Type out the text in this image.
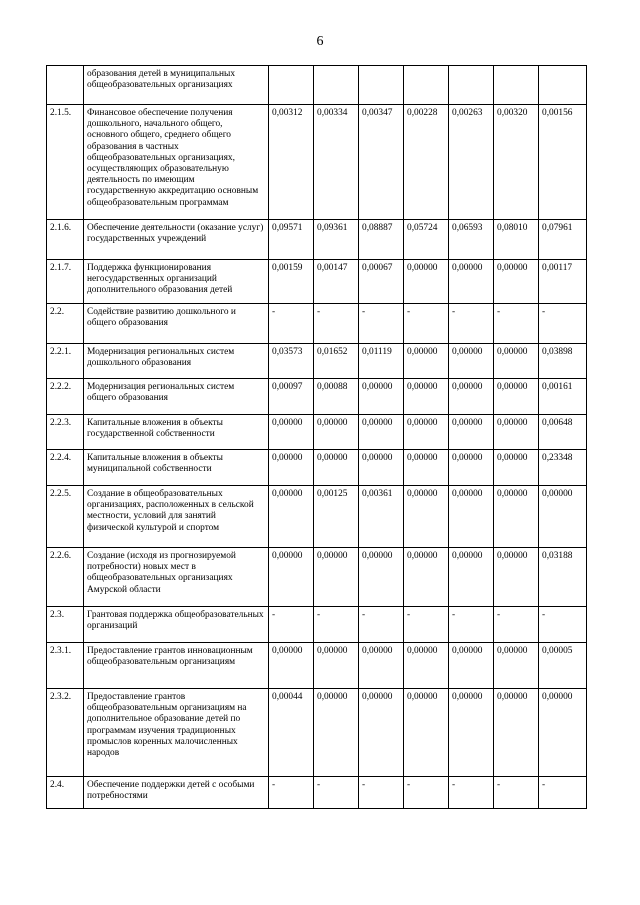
6
	образования детей в муниципальных общеобразовательных организациях							
2.1.5.	Финансовое обеспечение получения дошкольного, начального общего, основного общего, среднего общего образования в частных общеобразовательных организациях, осуществляющих образовательную деятельность по имеющим государственную аккредитацию основным общеобразовательным программам	0,00312	0,00334	0,00347	0,00228	0,00263	0,00320	0,00156
2.1.6.	Обеспечение деятельности (оказание услуг) государственных учреждений	0,09571	0,09361	0,08887	0,05724	0,06593	0,08010	0,07961
2.1.7.	Поддержка функционирования негосударственных организаций дополнительного образования детей	0,00159	0,00147	0,00067	0,00000	0,00000	0,00000	0,00117
2.2.	Содействие развитию дошкольного и общего образования	-	-	-	-	-	-	-
2.2.1.	Модернизация региональных систем дошкольного образования	0,03573	0,01652	0,01119	0,00000	0,00000	0,00000	0,03898
2.2.2.	Модернизация региональных систем общего образования	0,00097	0,00088	0,00000	0,00000	0,00000	0,00000	0,00161
2.2.3.	Капитальные вложения в объекты государственной собственности	0,00000	0,00000	0,00000	0,00000	0,00000	0,00000	0,00648
2.2.4.	Капитальные вложения в объекты муниципальной собственности	0,00000	0,00000	0,00000	0,00000	0,00000	0,00000	0,23348
2.2.5.	Создание в общеобразовательных организациях, расположенных в сельской местности, условий для занятий физической культурой и спортом	0,00000	0,00125	0,00361	0,00000	0,00000	0,00000	0,00000
2.2.6.	Создание (исходя из прогнозируемой потребности) новых мест в общеобразовательных организациях Амурской области	0,00000	0,00000	0,00000	0,00000	0,00000	0,00000	0,03188
2.3.	Грантовая поддержка общеобразовательных организаций	-	-	-	-	-	-	-
2.3.1.	Предоставление грантов инновационным общеобразовательным организациям	0,00000	0,00000	0,00000	0,00000	0,00000	0,00000	0,00005
2.3.2.	Предоставление грантов общеобразовательным организациям на дополнительное образование детей по программам изучения традиционных промыслов коренных малочисленных народов	0,00044	0,00000	0,00000	0,00000	0,00000	0,00000	0,00000
2.4.	Обеспечение поддержки детей с особыми потребностями	-	-	-	-	-	-	-
